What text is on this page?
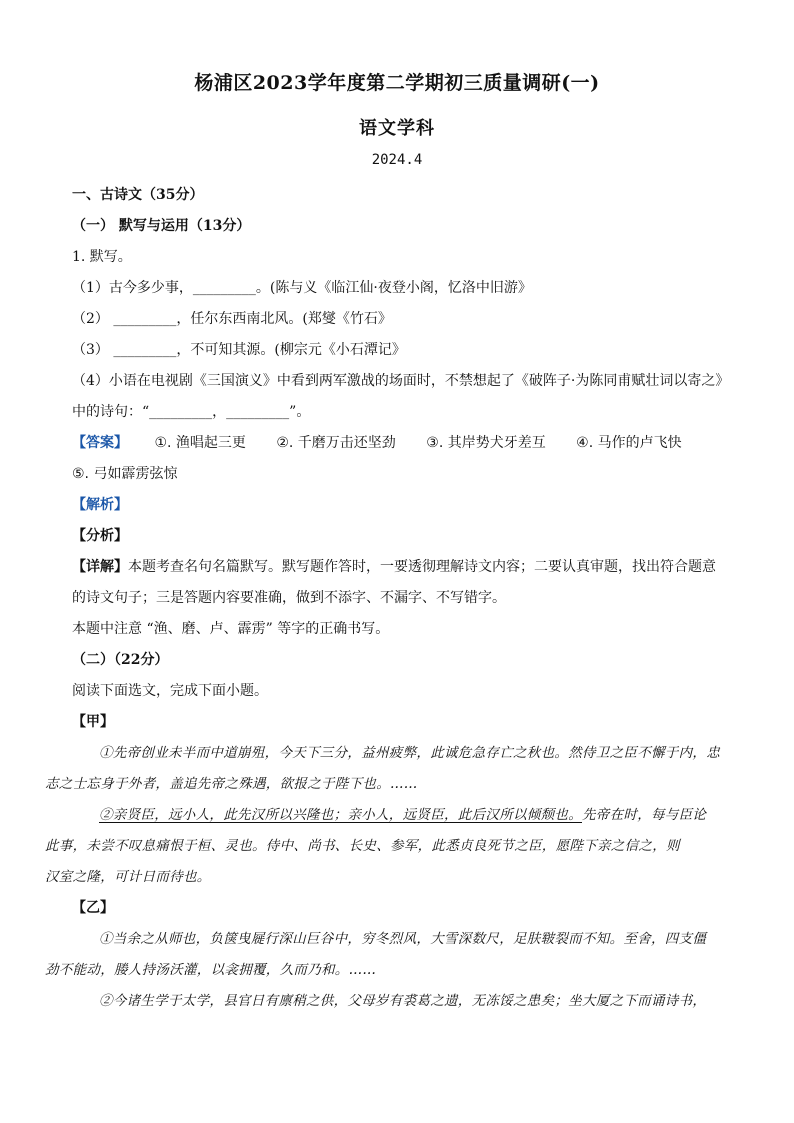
杨浦区2023学年度第二学期初三质量调研(一)
语文学科
2024.4
一、古诗文（35分）
（一） 默写与运用（13分）
1. 默写。
（1）古今多少事，_________。(陈与义《临江仙·夜登小阁，忆洛中旧游》
（2） _________，任尔东西南北风。(郑燮《竹石》
（3） _________，不可知其源。(柳宗元《小石潭记》
（4）小语在电视剧《三国演义》中看到两军激战的场面时，不禁想起了《破阵子·为陈同甫赋壮词以寄之》
中的诗句：“_________，_________”。
【答案】 ①. 渔唱起三更 ②. 千磨万击还坚劲 ③. 其岸势犬牙差互 ④. 马作的卢飞快
⑤. 弓如霹雳弦惊
【解析】
【分析】
【详解】本题考查名句名篇默写。默写题作答时，一要透彻理解诗文内容；二要认真审题，找出符合题意
的诗文句子；三是答题内容要准确，做到不添字、不漏字、不写错字。
本题中注意 “渔、磨、卢、霹雳” 等字的正确书写。
（二）（22分）
阅读下面选文，完成下面小题。
【甲】
①先帝创业未半而中道崩殂，今天下三分，益州疲弊，此诚危急存亡之秋也。然侍卫之臣不懈于内，忠
志之士忘身于外者，盖追先帝之殊遇，欲报之于陛下也。……
②亲贤臣，远小人，此先汉所以兴隆也；亲小人，远贤臣，此后汉所以倾颓也。先帝在时，每与臣论
此事，未尝不叹息痛恨于桓、灵也。侍中、尚书、长史、参军，此悉贞良死节之臣，愿陛下亲之信之，则
汉室之隆，可计日而待也。
【乙】
①当余之从师也，负箧曳屣行深山巨谷中，穷冬烈风，大雪深数尺，足肤皲裂而不知。至舍，四支僵
劲不能动，媵人持汤沃灌，以衾拥覆，久而乃和。……
②今诸生学于太学，县官日有廪稍之供，父母岁有裘葛之遗，无冻馁之患矣；坐大厦之下而诵诗书，
